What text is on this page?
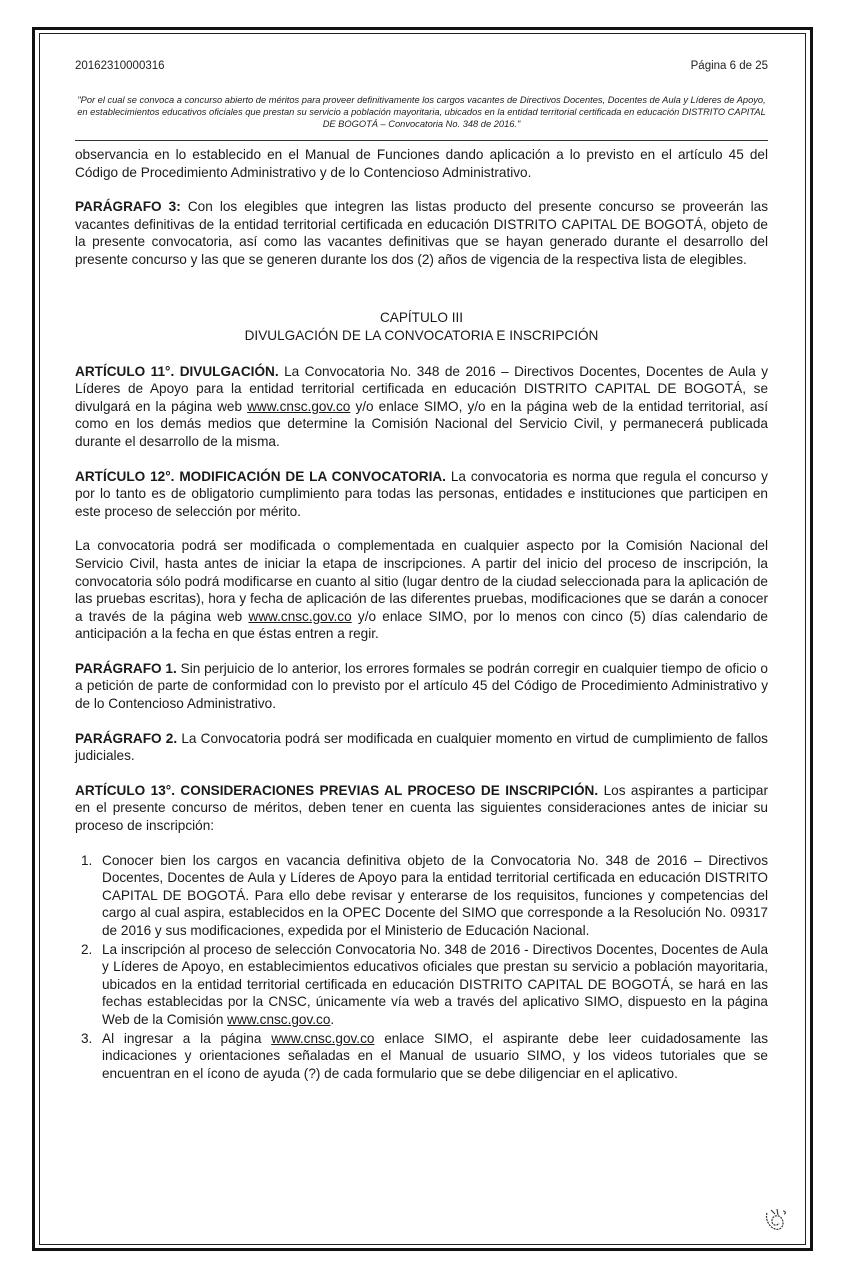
20162310000316	Página 6 de 25
"Por el cual se convoca a concurso abierto de méritos para proveer definitivamente los cargos vacantes de Directivos Docentes, Docentes de Aula y Líderes de Apoyo, en establecimientos educativos oficiales que prestan su servicio a población mayoritaria, ubicados en la entidad territorial certificada en educación DISTRITO CAPITAL DE BOGOTÁ – Convocatoria No. 348 de 2016."

observancia en lo establecido en el Manual de Funciones dando aplicación a lo previsto en el artículo 45 del Código de Procedimiento Administrativo y de lo Contencioso Administrativo.

PARÁGRAFO 3: Con los elegibles que integren las listas producto del presente concurso se proveerán las vacantes definitivas de la entidad territorial certificada en educación DISTRITO CAPITAL DE BOGOTÁ, objeto de la presente convocatoria, así como las vacantes definitivas que se hayan generado durante el desarrollo del presente concurso y las que se generen durante los dos (2) años de vigencia de la respectiva lista de elegibles.

CAPÍTULO III
DIVULGACIÓN DE LA CONVOCATORIA E INSCRIPCIÓN

ARTÍCULO 11°. DIVULGACIÓN. La Convocatoria No. 348 de 2016 – Directivos Docentes, Docentes de Aula y Líderes de Apoyo para la entidad territorial certificada en educación DISTRITO CAPITAL DE BOGOTÁ, se divulgará en la página web www.cnsc.gov.co y/o enlace SIMO, y/o en la página web de la entidad territorial, así como en los demás medios que determine la Comisión Nacional del Servicio Civil, y permanecerá publicada durante el desarrollo de la misma.

ARTÍCULO 12°. MODIFICACIÓN DE LA CONVOCATORIA. La convocatoria es norma que regula el concurso y por lo tanto es de obligatorio cumplimiento para todas las personas, entidades e instituciones que participen en este proceso de selección por mérito.

La convocatoria podrá ser modificada o complementada en cualquier aspecto por la Comisión Nacional del Servicio Civil, hasta antes de iniciar la etapa de inscripciones. A partir del inicio del proceso de inscripción, la convocatoria sólo podrá modificarse en cuanto al sitio (lugar dentro de la ciudad seleccionada para la aplicación de las pruebas escritas), hora y fecha de aplicación de las diferentes pruebas, modificaciones que se darán a conocer a través de la página web www.cnsc.gov.co y/o enlace SIMO, por lo menos con cinco (5) días calendario de anticipación a la fecha en que éstas entren a regir.

PARÁGRAFO 1. Sin perjuicio de lo anterior, los errores formales se podrán corregir en cualquier tiempo de oficio o a petición de parte de conformidad con lo previsto por el artículo 45 del Código de Procedimiento Administrativo y de lo Contencioso Administrativo.

PARÁGRAFO 2. La Convocatoria podrá ser modificada en cualquier momento en virtud de cumplimiento de fallos judiciales.

ARTÍCULO 13°. CONSIDERACIONES PREVIAS AL PROCESO DE INSCRIPCIÓN. Los aspirantes a participar en el presente concurso de méritos, deben tener en cuenta las siguientes consideraciones antes de iniciar su proceso de inscripción:

1. Conocer bien los cargos en vacancia definitiva objeto de la Convocatoria No. 348 de 2016 – Directivos Docentes, Docentes de Aula y Líderes de Apoyo para la entidad territorial certificada en educación DISTRITO CAPITAL DE BOGOTÁ. Para ello debe revisar y enterarse de los requisitos, funciones y competencias del cargo al cual aspira, establecidos en la OPEC Docente del SIMO que corresponde a la Resolución No. 09317 de 2016 y sus modificaciones, expedida por el Ministerio de Educación Nacional.
2. La inscripción al proceso de selección Convocatoria No. 348 de 2016 - Directivos Docentes, Docentes de Aula y Líderes de Apoyo, en establecimientos educativos oficiales que prestan su servicio a población mayoritaria, ubicados en la entidad territorial certificada en educación DISTRITO CAPITAL DE BOGOTÁ, se hará en las fechas establecidas por la CNSC, únicamente vía web a través del aplicativo SIMO, dispuesto en la página Web de la Comisión www.cnsc.gov.co.
3. Al ingresar a la página www.cnsc.gov.co enlace SIMO, el aspirante debe leer cuidadosamente las indicaciones y orientaciones señaladas en el Manual de usuario SIMO, y los videos tutoriales que se encuentran en el ícono de ayuda (?) de cada formulario que se debe diligenciar en el aplicativo.
